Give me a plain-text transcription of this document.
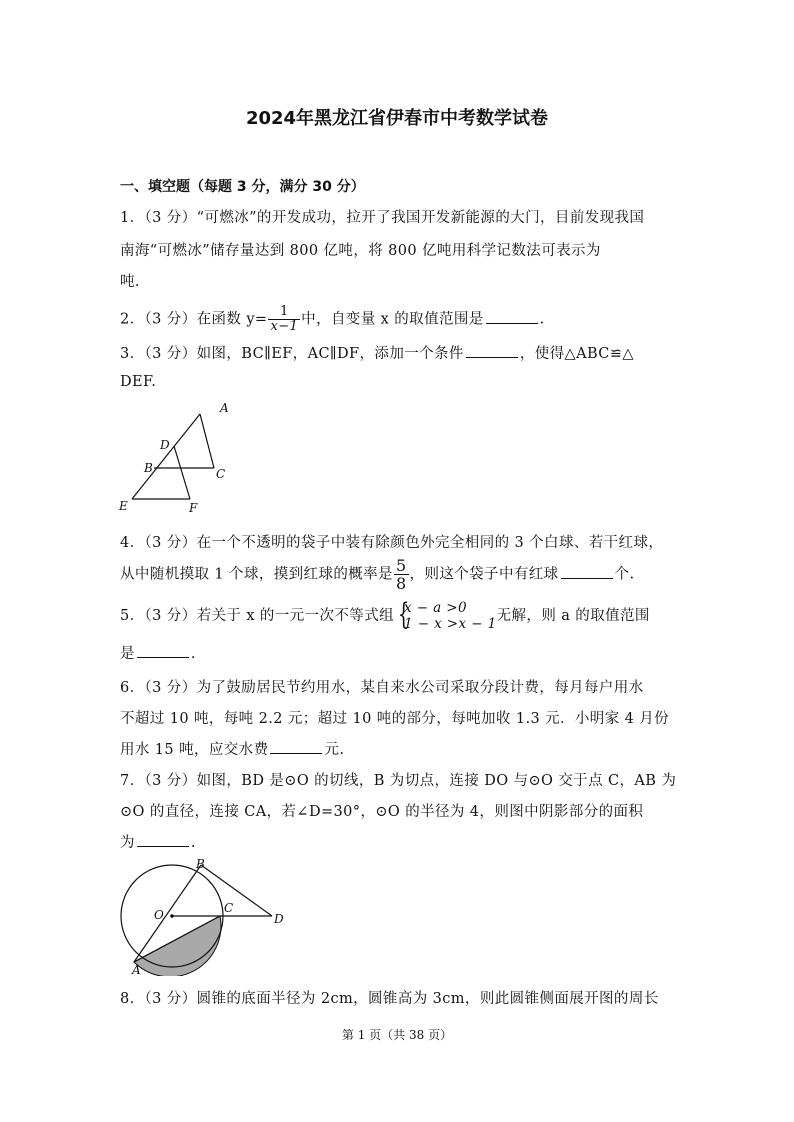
2024年黑龙江省伊春市中考数学试卷
一、填空题（每题 3 分，满分 30 分）
1．（3 分）“可燃冰”的开发成功，拉开了我国开发新能源的大门，目前发现我国
南海“可燃冰”储存量达到 800 亿吨，将 800 亿吨用科学记数法可表示为
吨.
2．（3 分）在函数 $y= \frac{1}{x-1}$ 中，自变量 x 的取值范围是	.
3．（3 分）如图，BC∥EF，AC∥DF，添加一个条件	，使得△ABC≌△
DEF.
A
D
B	C
E	F
4．（3 分）在一个不透明的袋子中装有除颜色外完全相同的 3 个白球、若干红球，
从中随机摸取 1 个球，摸到红球的概率是 $\frac{5}{8}$ ，则这个袋子中有红球	个.
5．（3 分）若关于 x 的一元一次不等式组 {
x − a >0
1 − x >x − 1 无解，则 a 的取值范围
是	.
6．（3 分）为了鼓励居民节约用水，某自来水公司采取分段计费，每月每户用水
不超过 10 吨，每吨 2.2 元；超过 10 吨的部分，每吨加收 1.3 元．小明家 4 月份
用水 15 吨，应交水费	元.
7．（3 分）如图，BD 是⊙O 的切线，B 为切点，连接 DO 与⊙O 交于点 C，AB 为
⊙O 的直径，连接 CA，若∠D=30°，⊙O 的半径为 4，则图中阴影部分的面积
为	.
B
O	C
D
A
8．（3 分）圆锥的底面半径为 2cm，圆锥高为 3cm，则此圆锥侧面展开图的周长
第 1 页（共 38 页）
